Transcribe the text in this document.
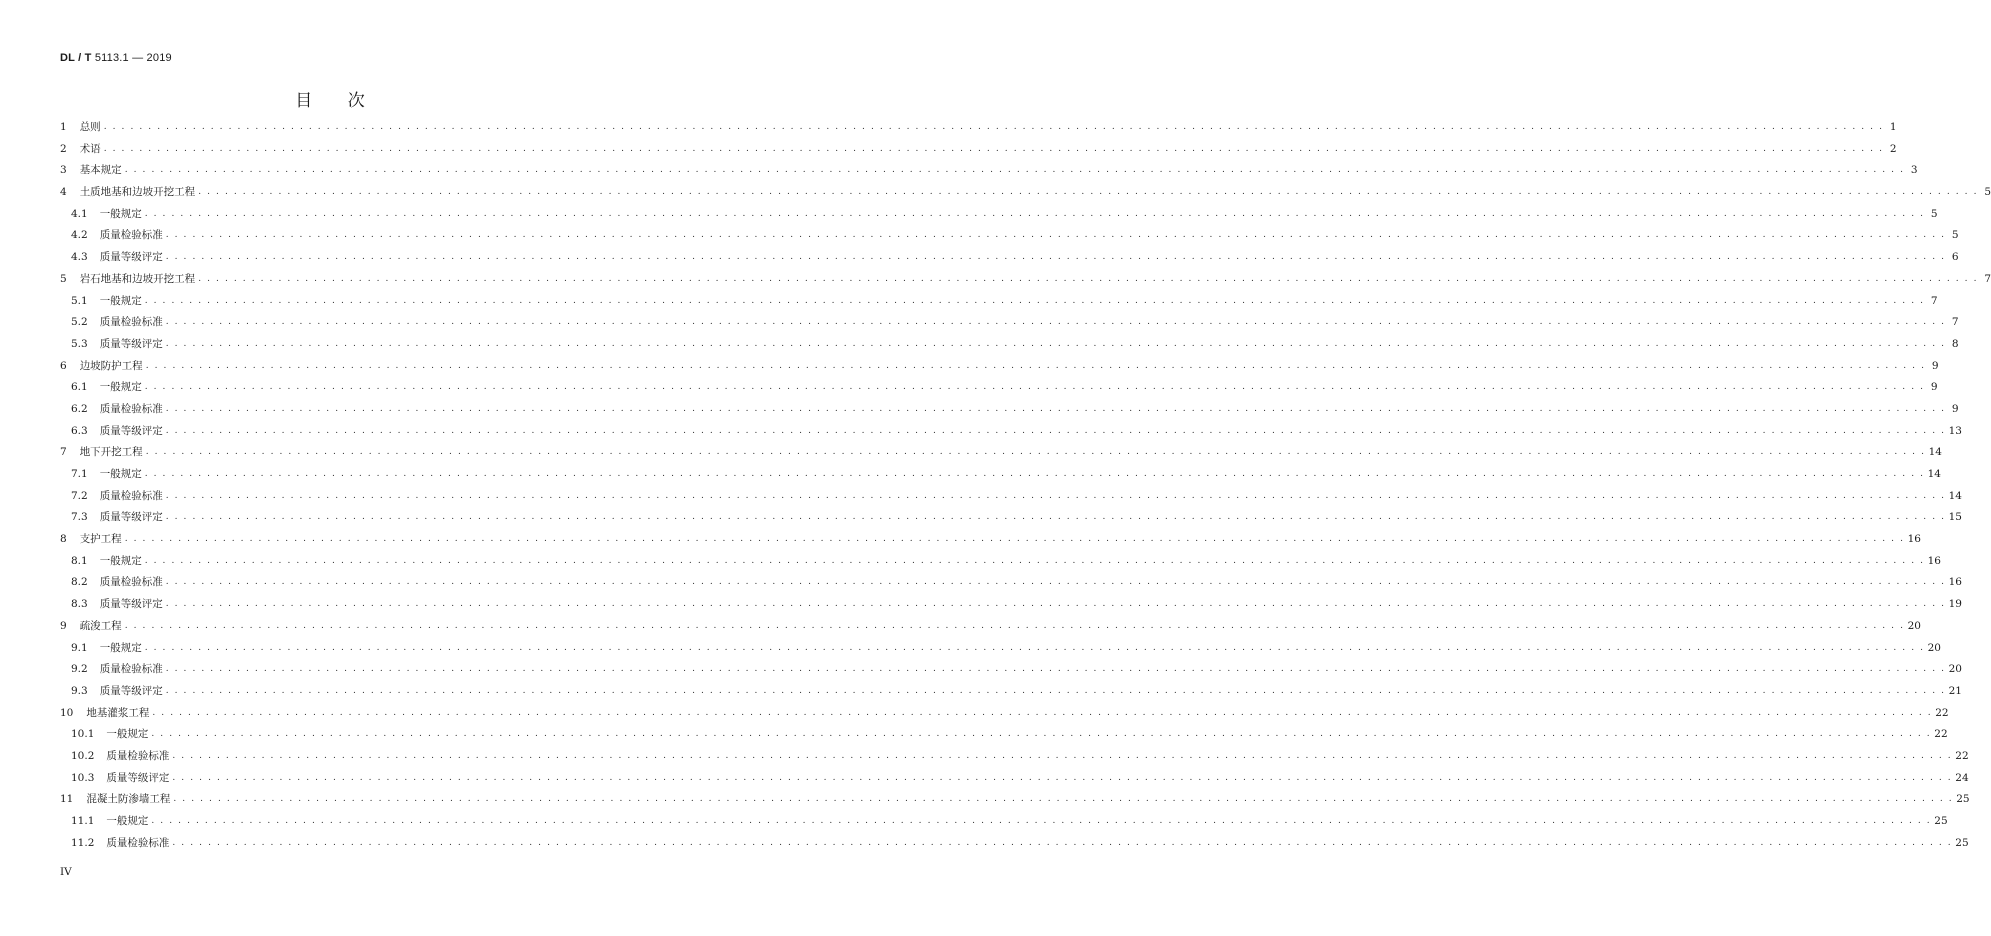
DL / T 5113.1 — 2019
目 次
1 总则 . . . . . . . . . . . . . . . . . . . . . . . . . . . . . . . . . . . . . . . . . . . . . . . . . . . . . . . . . . . . . . . . . . . . . . . . . . . . . . . . . . . . . . . . . . . . . . . . . . . . . . . . . . . . . . . . . . . . . . . . . . . . . . . . . . . . . . . . . . . . . . . . . . . . . . . . . . . . . . . . . . . . . . . . . . . . . . . . . . . . . . . . . . . . . . . . . . . . . . . . 1
2 术语 . . . . . . . . . . . . . . . . . . . . . . . . . . . . . . . . . . . . . . . . . . . . . . . . . . . . . . . . . . . . . . . . . . . . . . . . . . . . . . . . . . . . . . . . . . . . . . . . . . . . . . . . . . . . . . . . . . . . . . . . . . . . . . . . . . . . . . . . . . . . . . . . . . . . . . . . . . . . . . . . . . . . . . . . . . . . . . . . . . . . . . . . . . . . . . . . . . . . . . . . 2
3 基本规定 . . . . . . . . . . . . . . . . . . . . . . . . . . . . . . . . . . . . . . . . . . . . . . . . . . . . . . . . . . . . . . . . . . . . . . . . . . . . . . . . . . . . . . . . . . . . . . . . . . . . . . . . . . . . . . . . . . . . . . . . . . . . . . . . . . . . . . . . . . . . . . . . . . . . . . . . . . . . . . . . . . . . . . . . . . . . . . . . . . . . . . . . . . . . . . . . . . . . . . . . 3
4 土质地基和边坡开挖工程 . . . . . . . . . . . . . . . . . . . . . . . . . . . . . . . . . . . . . . . . . . . . . . . . . . . . . . . . . . . . . . . . . . . . . . . . . . . . . . . . . . . . . . . . . . . . . . . . . . . . . . . . . . . . . . . . . . . . . . . . . . . . . . . . . . . . . . . . . . . . . . . . . . . . . . . . . . . . . . . . . . . . . . . . . . . . . . . . . . . . . . . . . . . . . . . . . . . . . . . . 5
4.1 一般规定 . . . . . . . . . . . . . . . . . . . . . . . . . . . . . . . . . . . . . . . . . . . . . . . . . . . . . . . . . . . . . . . . . . . . . . . . . . . . . . . . . . . . . . . . . . . . . . . . . . . . . . . . . . . . . . . . . . . . . . . . . . . . . . . . . . . . . . . . . . . . . . . . . . . . . . . . . . . . . . . . . . . . . . . . . . . . . . . . . . . . . . . . . . . . . . . . . . . . . . . . 5
4.2 质量检验标准 . . . . . . . . . . . . . . . . . . . . . . . . . . . . . . . . . . . . . . . . . . . . . . . . . . . . . . . . . . . . . . . . . . . . . . . . . . . . . . . . . . . . . . . . . . . . . . . . . . . . . . . . . . . . . . . . . . . . . . . . . . . . . . . . . . . . . . . . . . . . . . . . . . . . . . . . . . . . . . . . . . . . . . . . . . . . . . . . . . . . . . . . . . . . . . . . . . . . . . . . 5
4.3 质量等级评定 . . . . . . . . . . . . . . . . . . . . . . . . . . . . . . . . . . . . . . . . . . . . . . . . . . . . . . . . . . . . . . . . . . . . . . . . . . . . . . . . . . . . . . . . . . . . . . . . . . . . . . . . . . . . . . . . . . . . . . . . . . . . . . . . . . . . . . . . . . . . . . . . . . . . . . . . . . . . . . . . . . . . . . . . . . . . . . . . . . . . . . . . . . . . . . . . . . . . . . . . 6
5 岩石地基和边坡开挖工程 . . . . . . . . . . . . . . . . . . . . . . . . . . . . . . . . . . . . . . . . . . . . . . . . . . . . . . . . . . . . . . . . . . . . . . . . . . . . . . . . . . . . . . . . . . . . . . . . . . . . . . . . . . . . . . . . . . . . . . . . . . . . . . . . . . . . . . . . . . . . . . . . . . . . . . . . . . . . . . . . . . . . . . . . . . . . . . . . . . . . . . . . . . . . . . . . . . . . . . . . 7
5.1 一般规定 . . . . . . . . . . . . . . . . . . . . . . . . . . . . . . . . . . . . . . . . . . . . . . . . . . . . . . . . . . . . . . . . . . . . . . . . . . . . . . . . . . . . . . . . . . . . . . . . . . . . . . . . . . . . . . . . . . . . . . . . . . . . . . . . . . . . . . . . . . . . . . . . . . . . . . . . . . . . . . . . . . . . . . . . . . . . . . . . . . . . . . . . . . . . . . . . . . . . . . . . 7
5.2 质量检验标准 . . . . . . . . . . . . . . . . . . . . . . . . . . . . . . . . . . . . . . . . . . . . . . . . . . . . . . . . . . . . . . . . . . . . . . . . . . . . . . . . . . . . . . . . . . . . . . . . . . . . . . . . . . . . . . . . . . . . . . . . . . . . . . . . . . . . . . . . . . . . . . . . . . . . . . . . . . . . . . . . . . . . . . . . . . . . . . . . . . . . . . . . . . . . . . . . . . . . . . . . 7
5.3 质量等级评定 . . . . . . . . . . . . . . . . . . . . . . . . . . . . . . . . . . . . . . . . . . . . . . . . . . . . . . . . . . . . . . . . . . . . . . . . . . . . . . . . . . . . . . . . . . . . . . . . . . . . . . . . . . . . . . . . . . . . . . . . . . . . . . . . . . . . . . . . . . . . . . . . . . . . . . . . . . . . . . . . . . . . . . . . . . . . . . . . . . . . . . . . . . . . . . . . . . . . . . . . 8
6 边坡防护工程 . . . . . . . . . . . . . . . . . . . . . . . . . . . . . . . . . . . . . . . . . . . . . . . . . . . . . . . . . . . . . . . . . . . . . . . . . . . . . . . . . . . . . . . . . . . . . . . . . . . . . . . . . . . . . . . . . . . . . . . . . . . . . . . . . . . . . . . . . . . . . . . . . . . . . . . . . . . . . . . . . . . . . . . . . . . . . . . . . . . . . . . . . . . . . . . . . . . . . . . . 9
6.1 一般规定 . . . . . . . . . . . . . . . . . . . . . . . . . . . . . . . . . . . . . . . . . . . . . . . . . . . . . . . . . . . . . . . . . . . . . . . . . . . . . . . . . . . . . . . . . . . . . . . . . . . . . . . . . . . . . . . . . . . . . . . . . . . . . . . . . . . . . . . . . . . . . . . . . . . . . . . . . . . . . . . . . . . . . . . . . . . . . . . . . . . . . . . . . . . . . . . . . . . . . . . . 9
6.2 质量检验标准 . . . . . . . . . . . . . . . . . . . . . . . . . . . . . . . . . . . . . . . . . . . . . . . . . . . . . . . . . . . . . . . . . . . . . . . . . . . . . . . . . . . . . . . . . . . . . . . . . . . . . . . . . . . . . . . . . . . . . . . . . . . . . . . . . . . . . . . . . . . . . . . . . . . . . . . . . . . . . . . . . . . . . . . . . . . . . . . . . . . . . . . . . . . . . . . . . . . . . . . . 9
6.3 质量等级评定 . . . . . . . . . . . . . . . . . . . . . . . . . . . . . . . . . . . . . . . . . . . . . . . . . . . . . . . . . . . . . . . . . . . . . . . . . . . . . . . . . . . . . . . . . . . . . . . . . . . . . . . . . . . . . . . . . . . . . . . . . . . . . . . . . . . . . . . . . . . . . . . . . . . . . . . . . . . . . . . . . . . . . . . . . . . . . . . . . . . . . . . . . . . . . . . . . . . . . . . . 13
7 地下开挖工程 . . . . . . . . . . . . . . . . . . . . . . . . . . . . . . . . . . . . . . . . . . . . . . . . . . . . . . . . . . . . . . . . . . . . . . . . . . . . . . . . . . . . . . . . . . . . . . . . . . . . . . . . . . . . . . . . . . . . . . . . . . . . . . . . . . . . . . . . . . . . . . . . . . . . . . . . . . . . . . . . . . . . . . . . . . . . . . . . . . . . . . . . . . . . . . . . . . . . . . . . 14
7.1 一般规定 . . . . . . . . . . . . . . . . . . . . . . . . . . . . . . . . . . . . . . . . . . . . . . . . . . . . . . . . . . . . . . . . . . . . . . . . . . . . . . . . . . . . . . . . . . . . . . . . . . . . . . . . . . . . . . . . . . . . . . . . . . . . . . . . . . . . . . . . . . . . . . . . . . . . . . . . . . . . . . . . . . . . . . . . . . . . . . . . . . . . . . . . . . . . . . . . . . . . . . . . 14
7.2 质量检验标准 . . . . . . . . . . . . . . . . . . . . . . . . . . . . . . . . . . . . . . . . . . . . . . . . . . . . . . . . . . . . . . . . . . . . . . . . . . . . . . . . . . . . . . . . . . . . . . . . . . . . . . . . . . . . . . . . . . . . . . . . . . . . . . . . . . . . . . . . . . . . . . . . . . . . . . . . . . . . . . . . . . . . . . . . . . . . . . . . . . . . . . . . . . . . . . . . . . . . . . . . 14
7.3 质量等级评定 . . . . . . . . . . . . . . . . . . . . . . . . . . . . . . . . . . . . . . . . . . . . . . . . . . . . . . . . . . . . . . . . . . . . . . . . . . . . . . . . . . . . . . . . . . . . . . . . . . . . . . . . . . . . . . . . . . . . . . . . . . . . . . . . . . . . . . . . . . . . . . . . . . . . . . . . . . . . . . . . . . . . . . . . . . . . . . . . . . . . . . . . . . . . . . . . . . . . . . . . 15
8 支护工程 . . . . . . . . . . . . . . . . . . . . . . . . . . . . . . . . . . . . . . . . . . . . . . . . . . . . . . . . . . . . . . . . . . . . . . . . . . . . . . . . . . . . . . . . . . . . . . . . . . . . . . . . . . . . . . . . . . . . . . . . . . . . . . . . . . . . . . . . . . . . . . . . . . . . . . . . . . . . . . . . . . . . . . . . . . . . . . . . . . . . . . . . . . . . . . . . . . . . . . . . 16
8.1 一般规定 . . . . . . . . . . . . . . . . . . . . . . . . . . . . . . . . . . . . . . . . . . . . . . . . . . . . . . . . . . . . . . . . . . . . . . . . . . . . . . . . . . . . . . . . . . . . . . . . . . . . . . . . . . . . . . . . . . . . . . . . . . . . . . . . . . . . . . . . . . . . . . . . . . . . . . . . . . . . . . . . . . . . . . . . . . . . . . . . . . . . . . . . . . . . . . . . . . . . . . . . 16
8.2 质量检验标准 . . . . . . . . . . . . . . . . . . . . . . . . . . . . . . . . . . . . . . . . . . . . . . . . . . . . . . . . . . . . . . . . . . . . . . . . . . . . . . . . . . . . . . . . . . . . . . . . . . . . . . . . . . . . . . . . . . . . . . . . . . . . . . . . . . . . . . . . . . . . . . . . . . . . . . . . . . . . . . . . . . . . . . . . . . . . . . . . . . . . . . . . . . . . . . . . . . . . . . . . 16
8.3 质量等级评定 . . . . . . . . . . . . . . . . . . . . . . . . . . . . . . . . . . . . . . . . . . . . . . . . . . . . . . . . . . . . . . . . . . . . . . . . . . . . . . . . . . . . . . . . . . . . . . . . . . . . . . . . . . . . . . . . . . . . . . . . . . . . . . . . . . . . . . . . . . . . . . . . . . . . . . . . . . . . . . . . . . . . . . . . . . . . . . . . . . . . . . . . . . . . . . . . . . . . . . . . 19
9 疏浚工程 . . . . . . . . . . . . . . . . . . . . . . . . . . . . . . . . . . . . . . . . . . . . . . . . . . . . . . . . . . . . . . . . . . . . . . . . . . . . . . . . . . . . . . . . . . . . . . . . . . . . . . . . . . . . . . . . . . . . . . . . . . . . . . . . . . . . . . . . . . . . . . . . . . . . . . . . . . . . . . . . . . . . . . . . . . . . . . . . . . . . . . . . . . . . . . . . . . . . . . . . 20
9.1 一般规定 . . . . . . . . . . . . . . . . . . . . . . . . . . . . . . . . . . . . . . . . . . . . . . . . . . . . . . . . . . . . . . . . . . . . . . . . . . . . . . . . . . . . . . . . . . . . . . . . . . . . . . . . . . . . . . . . . . . . . . . . . . . . . . . . . . . . . . . . . . . . . . . . . . . . . . . . . . . . . . . . . . . . . . . . . . . . . . . . . . . . . . . . . . . . . . . . . . . . . . . . 20
9.2 质量检验标准 . . . . . . . . . . . . . . . . . . . . . . . . . . . . . . . . . . . . . . . . . . . . . . . . . . . . . . . . . . . . . . . . . . . . . . . . . . . . . . . . . . . . . . . . . . . . . . . . . . . . . . . . . . . . . . . . . . . . . . . . . . . . . . . . . . . . . . . . . . . . . . . . . . . . . . . . . . . . . . . . . . . . . . . . . . . . . . . . . . . . . . . . . . . . . . . . . . . . . . . . 20
9.3 质量等级评定 . . . . . . . . . . . . . . . . . . . . . . . . . . . . . . . . . . . . . . . . . . . . . . . . . . . . . . . . . . . . . . . . . . . . . . . . . . . . . . . . . . . . . . . . . . . . . . . . . . . . . . . . . . . . . . . . . . . . . . . . . . . . . . . . . . . . . . . . . . . . . . . . . . . . . . . . . . . . . . . . . . . . . . . . . . . . . . . . . . . . . . . . . . . . . . . . . . . . . . . . 21
10 地基灌浆工程 . . . . . . . . . . . . . . . . . . . . . . . . . . . . . . . . . . . . . . . . . . . . . . . . . . . . . . . . . . . . . . . . . . . . . . . . . . . . . . . . . . . . . . . . . . . . . . . . . . . . . . . . . . . . . . . . . . . . . . . . . . . . . . . . . . . . . . . . . . . . . . . . . . . . . . . . . . . . . . . . . . . . . . . . . . . . . . . . . . . . . . . . . . . . . . . . . . . . . . . . 22
10.1 一般规定 . . . . . . . . . . . . . . . . . . . . . . . . . . . . . . . . . . . . . . . . . . . . . . . . . . . . . . . . . . . . . . . . . . . . . . . . . . . . . . . . . . . . . . . . . . . . . . . . . . . . . . . . . . . . . . . . . . . . . . . . . . . . . . . . . . . . . . . . . . . . . . . . . . . . . . . . . . . . . . . . . . . . . . . . . . . . . . . . . . . . . . . . . . . . . . . . . . . . . . . . 22
10.2 质量检验标准 . . . . . . . . . . . . . . . . . . . . . . . . . . . . . . . . . . . . . . . . . . . . . . . . . . . . . . . . . . . . . . . . . . . . . . . . . . . . . . . . . . . . . . . . . . . . . . . . . . . . . . . . . . . . . . . . . . . . . . . . . . . . . . . . . . . . . . . . . . . . . . . . . . . . . . . . . . . . . . . . . . . . . . . . . . . . . . . . . . . . . . . . . . . . . . . . . . . . . . . . 22
10.3 质量等级评定 . . . . . . . . . . . . . . . . . . . . . . . . . . . . . . . . . . . . . . . . . . . . . . . . . . . . . . . . . . . . . . . . . . . . . . . . . . . . . . . . . . . . . . . . . . . . . . . . . . . . . . . . . . . . . . . . . . . . . . . . . . . . . . . . . . . . . . . . . . . . . . . . . . . . . . . . . . . . . . . . . . . . . . . . . . . . . . . . . . . . . . . . . . . . . . . . . . . . . . . . 24
11 混凝土防渗墙工程 . . . . . . . . . . . . . . . . . . . . . . . . . . . . . . . . . . . . . . . . . . . . . . . . . . . . . . . . . . . . . . . . . . . . . . . . . . . . . . . . . . . . . . . . . . . . . . . . . . . . . . . . . . . . . . . . . . . . . . . . . . . . . . . . . . . . . . . . . . . . . . . . . . . . . . . . . . . . . . . . . . . . . . . . . . . . . . . . . . . . . . . . . . . . . . . . . . . . . . . . 25
11.1 一般规定 . . . . . . . . . . . . . . . . . . . . . . . . . . . . . . . . . . . . . . . . . . . . . . . . . . . . . . . . . . . . . . . . . . . . . . . . . . . . . . . . . . . . . . . . . . . . . . . . . . . . . . . . . . . . . . . . . . . . . . . . . . . . . . . . . . . . . . . . . . . . . . . . . . . . . . . . . . . . . . . . . . . . . . . . . . . . . . . . . . . . . . . . . . . . . . . . . . . . . . . . 25
11.2 质量检验标准 . . . . . . . . . . . . . . . . . . . . . . . . . . . . . . . . . . . . . . . . . . . . . . . . . . . . . . . . . . . . . . . . . . . . . . . . . . . . . . . . . . . . . . . . . . . . . . . . . . . . . . . . . . . . . . . . . . . . . . . . . . . . . . . . . . . . . . . . . . . . . . . . . . . . . . . . . . . . . . . . . . . . . . . . . . . . . . . . . . . . . . . . . . . . . . . . . . . . . . . . 25
IV
